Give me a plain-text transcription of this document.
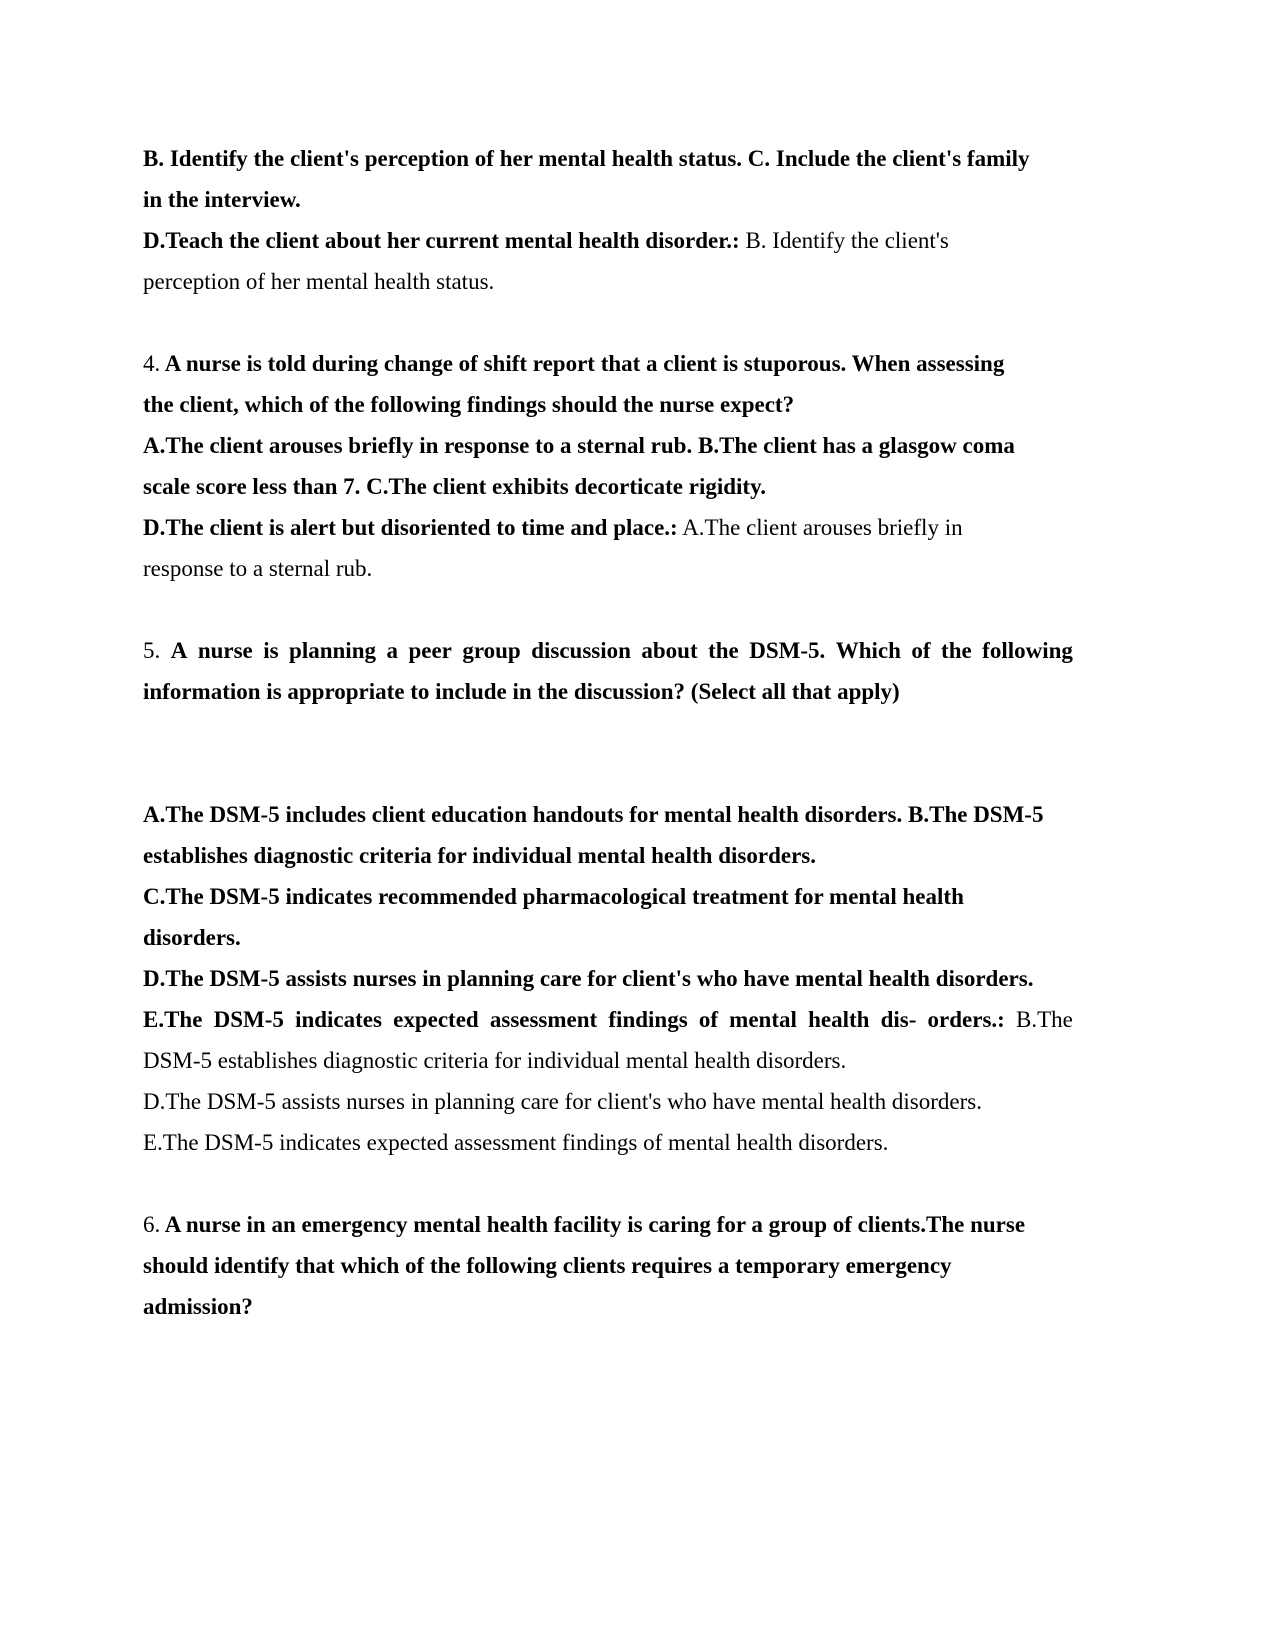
B. Identify the client's perception of her mental health status. C. Include the client's family

in the interview.

D.Teach the client about her current mental health disorder.: B. Identify the client's

perception of her mental health status.

4. A nurse is told during change of shift report that a client is stuporous. When assessing

the client, which of the following findings should the nurse expect?

A.The client arouses briefly in response to a sternal rub. B.The client has a glasgow coma

scale score less than 7. C.The client exhibits decorticate rigidity.

D.The client is alert but disoriented to time and place.: A.The client arouses briefly in

response to a sternal rub.

5. A nurse is planning a peer group discussion about the DSM-5. Which of the following

information is appropriate to include in the discussion? (Select all that apply)

A.The DSM-5 includes client education handouts for mental health disorders. B.The DSM-5

establishes diagnostic criteria for individual mental health disorders.

C.The DSM-5 indicates recommended pharmacological treatment for mental health

disorders.

D.The DSM-5 assists nurses in planning care for client's who have mental health disorders.

E.The DSM-5 indicates expected assessment findings of mental health dis- orders.: B.The

DSM-5 establishes diagnostic criteria for individual mental health disorders.

D.The DSM-5 assists nurses in planning care for client's who have mental health disorders.

E.The DSM-5 indicates expected assessment findings of mental health disorders.

6. A nurse in an emergency mental health facility is caring for a group of clients.The nurse

should identify that which of the following clients requires a temporary emergency

admission?
